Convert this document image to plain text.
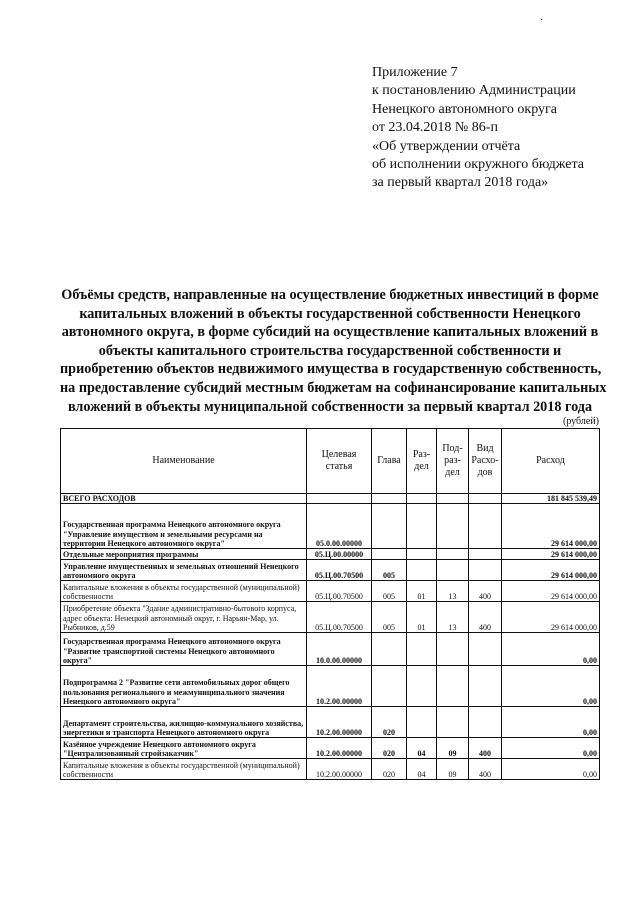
·
Приложение 7
к постановлению Администрации
Ненецкого автономного округа
от 23.04.2018 № 86-п
«Об утверждении отчёта
об исполнении окружного бюджета
за первый квартал 2018 года»
Объёмы средств, направленные на осуществление бюджетных инвестиций в форме
капитальных вложений в объекты государственной собственности Ненецкого
автономного округа, в форме субсидий на осуществление капитальных вложений в
объекты капитального строительства государственной собственности и
приобретению объектов недвижимого имущества в государственную собственность,
на предоставление субсидий местным бюджетам на софинансирование капитальных
вложений в объекты муниципальной собственности за первый квартал 2018 года
(рублей)
Наименование	Целевая статья	Глава	Раз-дел	Под-раз-дел	Вид Расхо-дов	Расход
ВСЕГО РАСХОДОВ						181 845 539,49
Государственная программа Ненецкого автономного округа "Управление имуществом и земельными ресурсами на территории Ненецкого автономного округа"	05.0.00.00000					29 614 000,00
Отдельные мероприятия программы	05.Ц.00.00000					29 614 000,00
Управление имущественных и земельных отношений Ненецкого автономного округа	05.Ц.00.70500	005				29 614 000,00
Капитальные вложения в объекты государственной (муниципальной) собственности	05.Ц.00.70500	005	01	13	400	29 614 000,00
Приобретение объекта "Здание административно-бытового корпуса, адрес объекта: Ненецкий автономный округ, г. Нарьян-Мар, ул. Рыбников, д.59	05.Ц.00.70500	005	01	13	400	29 614 000,00
Государственная программа Ненецкого автономного округа "Развитие транспортной системы Ненецкого автономного округа"	10.0.00.00000					0,00
Подпрограмма 2 "Развитие сети автомобильных дорог общего пользования регионального и межмуниципального значения Ненецкого автономного округа"	10.2.00.00000					0,00
Департамент строительства, жилищно-коммунального хозяйства, энергетики и транспорта Ненецкого автономного округа	10.2.00.00000	020				0,00
Казённое учреждение Ненецкого автономного округа "Централизованный стройзаказчик"	10.2.00.00000	020	04	09	400	0,00
Капитальные вложения в объекты государственной (муниципальной) собственности	10.2.00.00000	020	04	09	400	0,00
